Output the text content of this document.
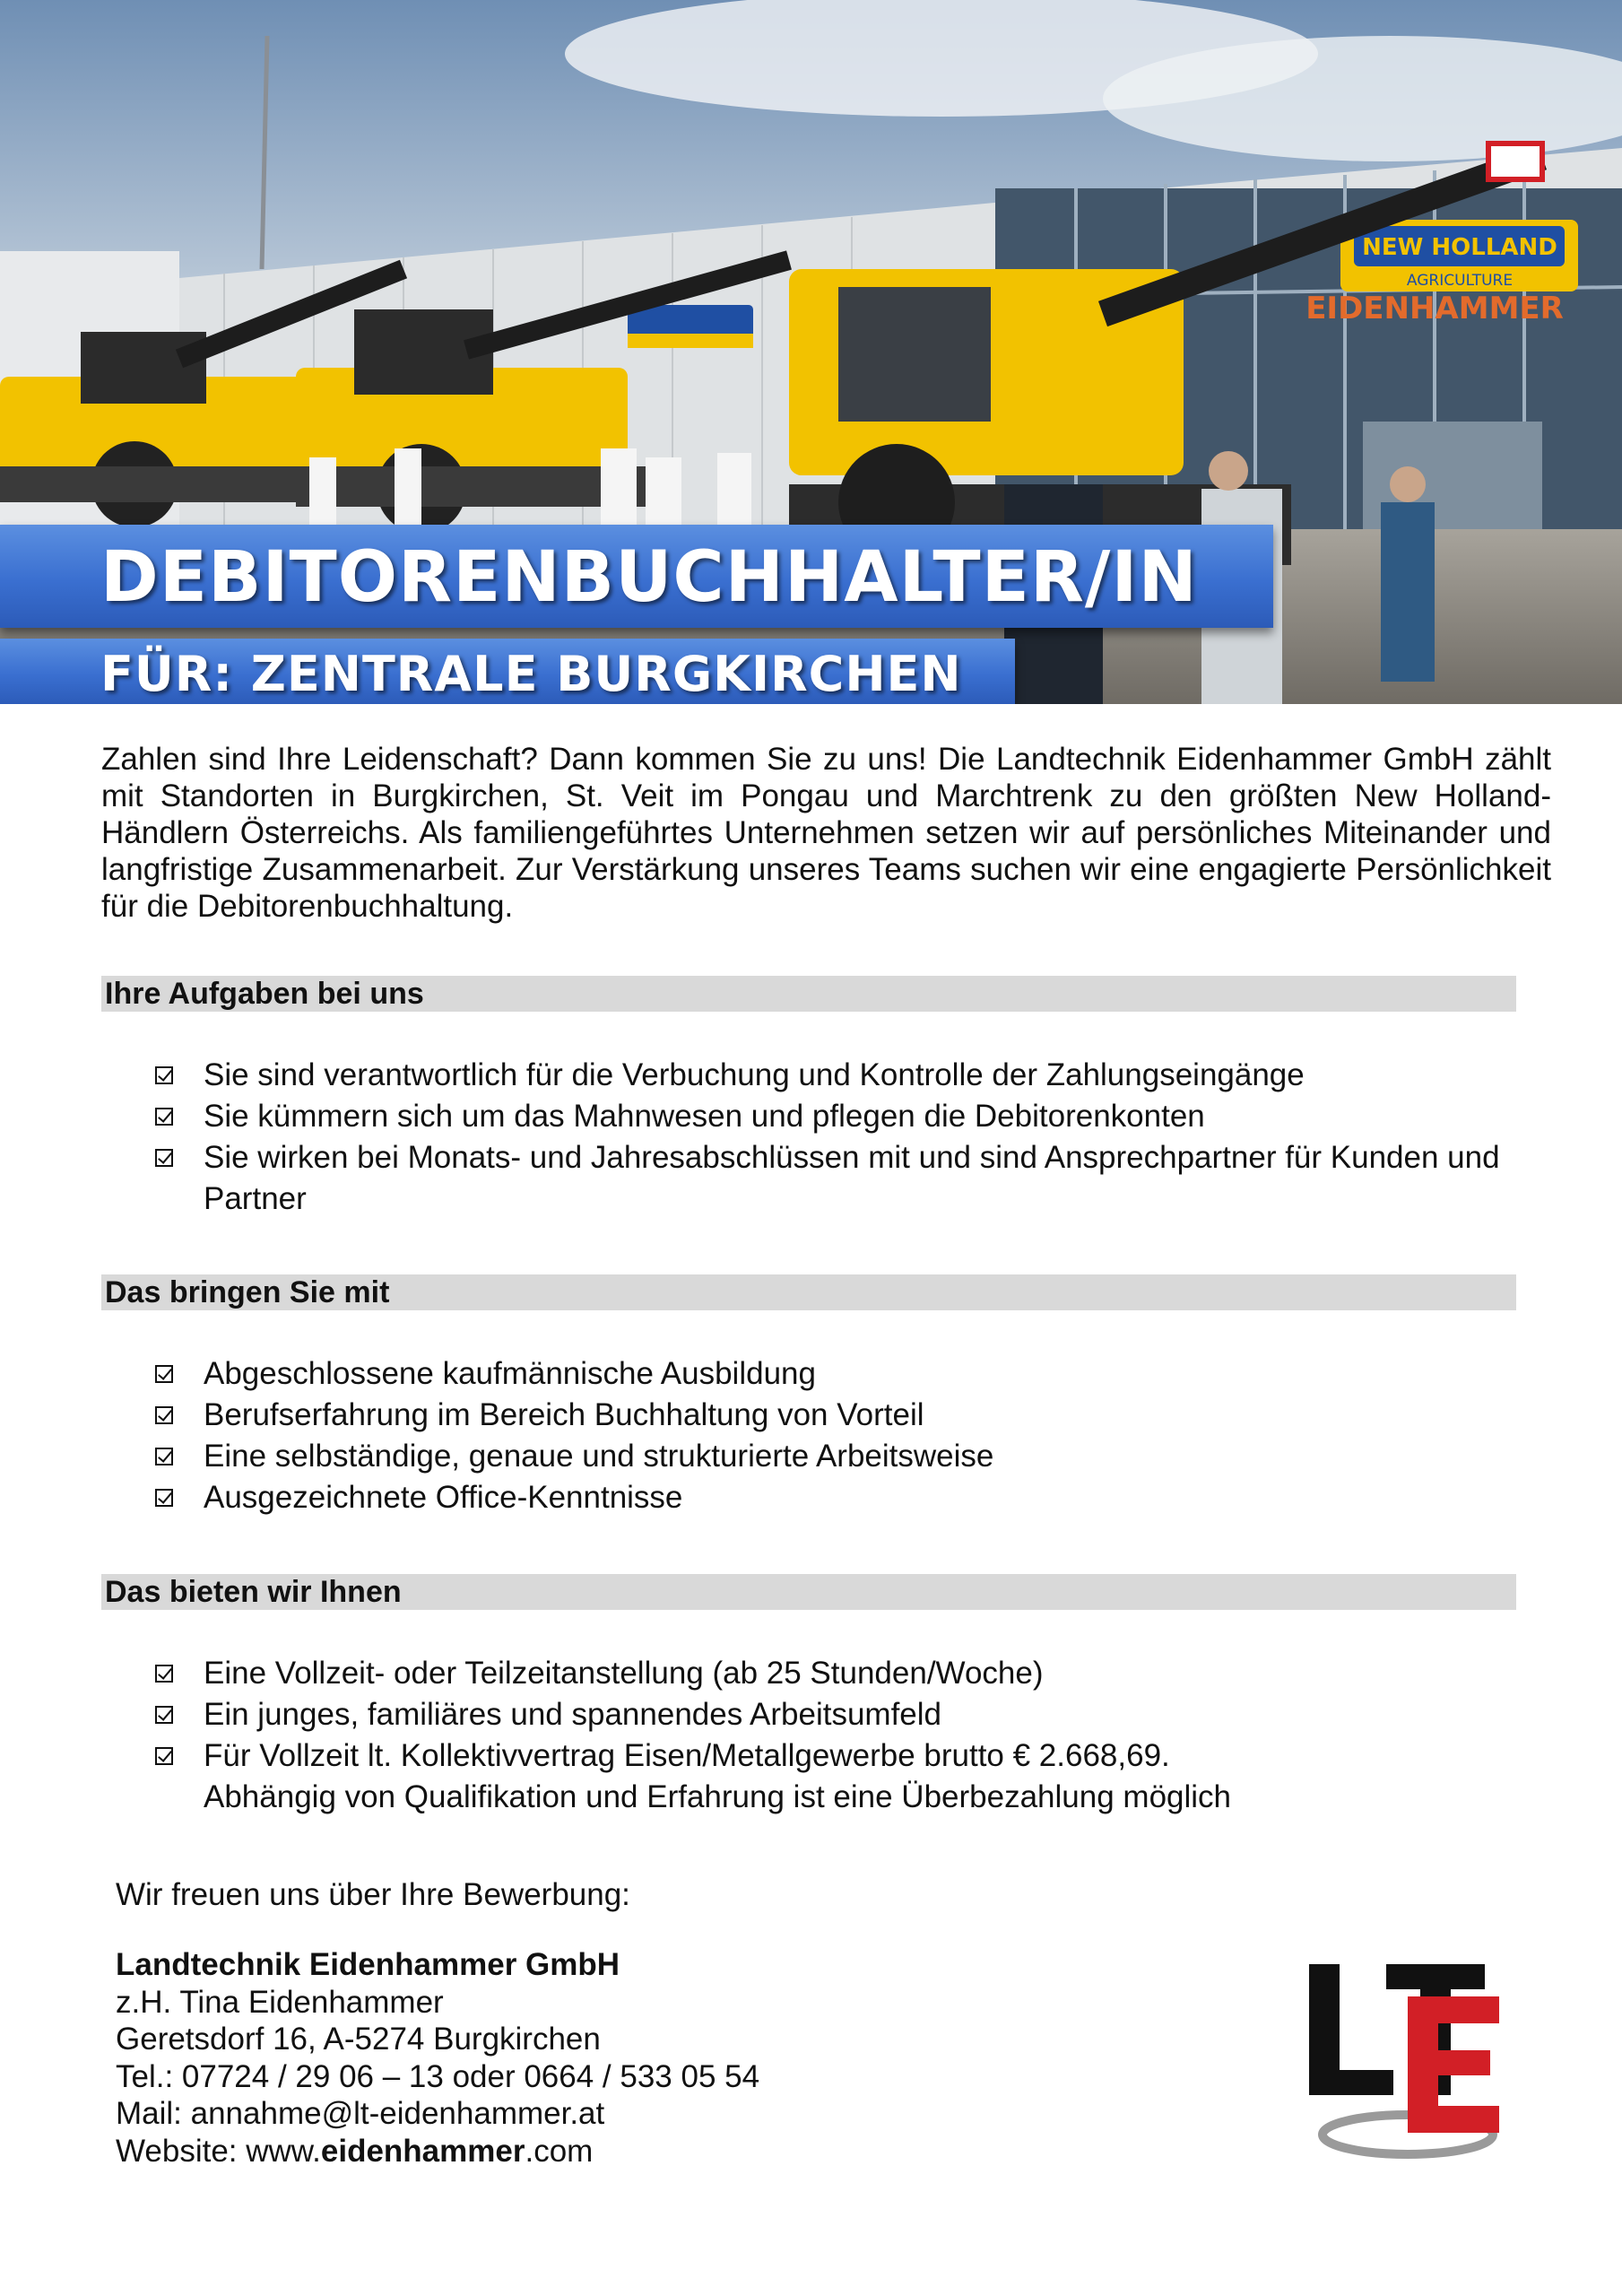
NEW HOLLAND
AGRICULTURE
EIDENHAMMER
DEBITORENBUCHHALTER/IN
FÜR: ZENTRALE BURGKIRCHEN

Zahlen sind Ihre Leidenschaft? Dann kommen Sie zu uns! Die Landtechnik Eidenhammer GmbH zählt mit Standorten in Burgkirchen, St. Veit im Pongau und Marchtrenk zu den größten New Holland-Händlern Österreichs. Als familiengeführtes Unternehmen setzen wir auf persönliches Miteinander und langfristige Zusammenarbeit. Zur Verstärkung unseres Teams suchen wir eine engagierte Persönlichkeit für die Debitorenbuchhaltung.

Ihre Aufgaben bei uns
Sie sind verantwortlich für die Verbuchung und Kontrolle der Zahlungseingänge
Sie kümmern sich um das Mahnwesen und pflegen die Debitorenkonten
Sie wirken bei Monats- und Jahresabschlüssen mit und sind Ansprechpartner für Kunden und Partner
Das bringen Sie mit
Abgeschlossene kaufmännische Ausbildung
Berufserfahrung im Bereich Buchhaltung von Vorteil
Eine selbständige, genaue und strukturierte Arbeitsweise
Ausgezeichnete Office-Kenntnisse
Das bieten wir Ihnen
Eine Vollzeit- oder Teilzeitanstellung (ab 25 Stunden/Woche)
Ein junges, familiäres und spannendes Arbeitsumfeld
Für Vollzeit lt. Kollektivvertrag Eisen/Metallgewerbe brutto € 2.668,69.
Abhängig von Qualifikation und Erfahrung ist eine Überbezahlung möglich
Wir freuen uns über Ihre Bewerbung:
Landtechnik Eidenhammer GmbH
z.H. Tina Eidenhammer
Geretsdorf 16, A-5274 Burgkirchen
Tel.: 07724 / 29 06 – 13 oder 0664 / 533 05 54
Mail: annahme@lt-eidenhammer.at
Website: www.eidenhammer.com
